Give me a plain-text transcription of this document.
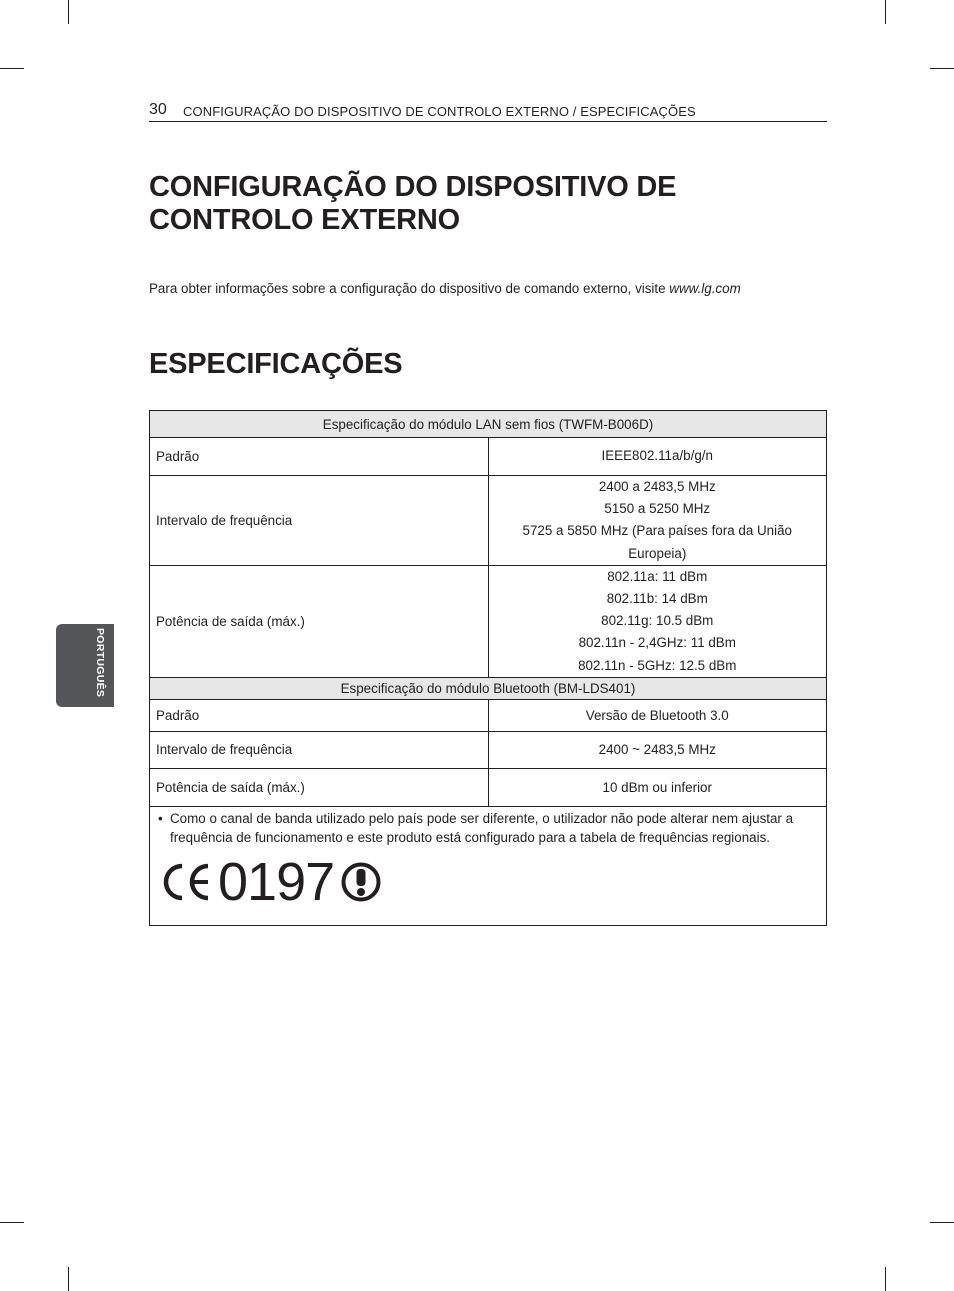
30 CONFIGURAÇÃO DO DISPOSITIVO DE CONTROLO EXTERNO / ESPECIFICAÇÕES
CONFIGURAÇÃO DO DISPOSITIVO DE CONTROLO EXTERNO

Para obter informações sobre a configuração do dispositivo de comando externo, visite www.lg.com

ESPECIFICAÇÕES
Especificação do módulo LAN sem fios (TWFM-B006D)	
Padrão	IEEE802.11a/b/g/n

Intervalo de frequência	2400 a 2483,5 MHz
5150 a 5250 MHz
5725 a 5850 MHz (Para países fora da União Europeia)

Potência de saída (máx.)	802.11a: 11 dBm
802.11b: 14 dBm
802.11g: 10.5 dBm
802.11n - 2,4GHz: 11 dBm
802.11n - 5GHz: 12.5 dBm

Especificação do módulo Bluetooth (BM-LDS401)	
Padrão	Versão de Bluetooth 3.0
Intervalo de frequência	2400 ~ 2483,5 MHz
Potência de saída (máx.)	10 dBm ou inferior

• Como o canal de banda utilizado pelo país pode ser diferente, o utilizador não pode alterar nem ajustar a frequência de funcionamento e este produto está configurado para a tabela de frequências regionais.
0197	
PORTUGUÊS
